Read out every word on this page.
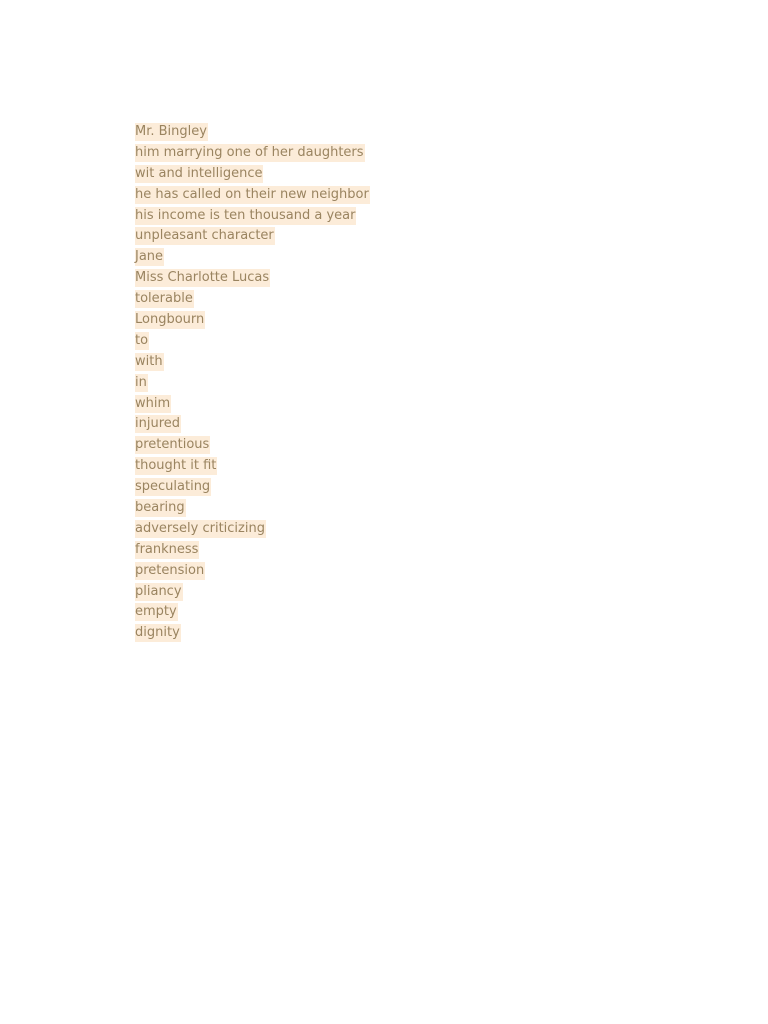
Mr. Bingley
him marrying one of her daughters
wit and intelligence
he has called on their new neighbor
his income is ten thousand a year
unpleasant character
Jane
Miss Charlotte Lucas
tolerable
Longbourn
to
with
in
whim
injured
pretentious
thought it fit
speculating
bearing
adversely criticizing
frankness
pretension
pliancy
empty
dignity
